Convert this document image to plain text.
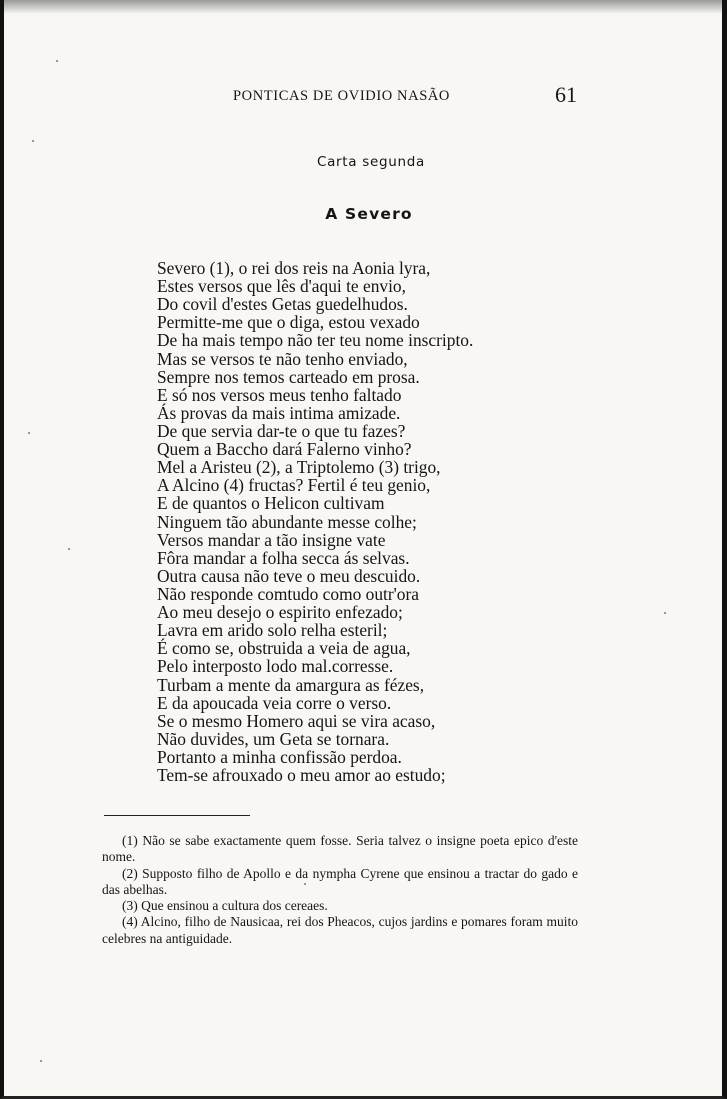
PONTICAS DE OVIDIO NASÃO	61
Carta segunda
A Severo
Severo (1), o rei dos reis na Aonia lyra,
Estes versos que lês d'aqui te envio,
Do covil d'estes Getas guedelhudos.
Permitte-me que o diga, estou vexado
De ha mais tempo não ter teu nome inscripto.
Mas se versos te não tenho enviado,
Sempre nos temos carteado em prosa.
E só nos versos meus tenho faltado
Ás provas da mais intima amizade.
De que servia dar-te o que tu fazes?
Quem a Baccho dará Falerno vinho?
Mel a Aristeu (2), a Triptolemo (3) trigo,
A Alcino (4) fructas? Fertil é teu genio,
E de quantos o Helicon cultivam
Ninguem tão abundante messe colhe;
Versos mandar a tão insigne vate
Fôra mandar a folha secca ás selvas.
Outra causa não teve o meu descuido.
Não responde comtudo como outr'ora
Ao meu desejo o espirito enfezado;
Lavra em arido solo relha esteril;
É como se, obstruida a veia de agua,
Pelo interposto lodo mal.corresse.
Turbam a mente da amargura as fézes,
E da apoucada veia corre o verso.
Se o mesmo Homero aqui se vira acaso,
Não duvides, um Geta se tornara.
Portanto a minha confissão perdoa.
Tem-se afrouxado o meu amor ao estudo;

(1) Não se sabe exactamente quem fosse. Seria talvez o insigne poeta epico d'este nome.

(2) Supposto filho de Apollo e da nympha Cyrene que ensinou a tractar do gado e das abelhas.

(3) Que ensinou a cultura dos cereaes.

(4) Alcino, filho de Nausicaa, rei dos Pheacos, cujos jardins e pomares foram muito celebres na antiguidade.
